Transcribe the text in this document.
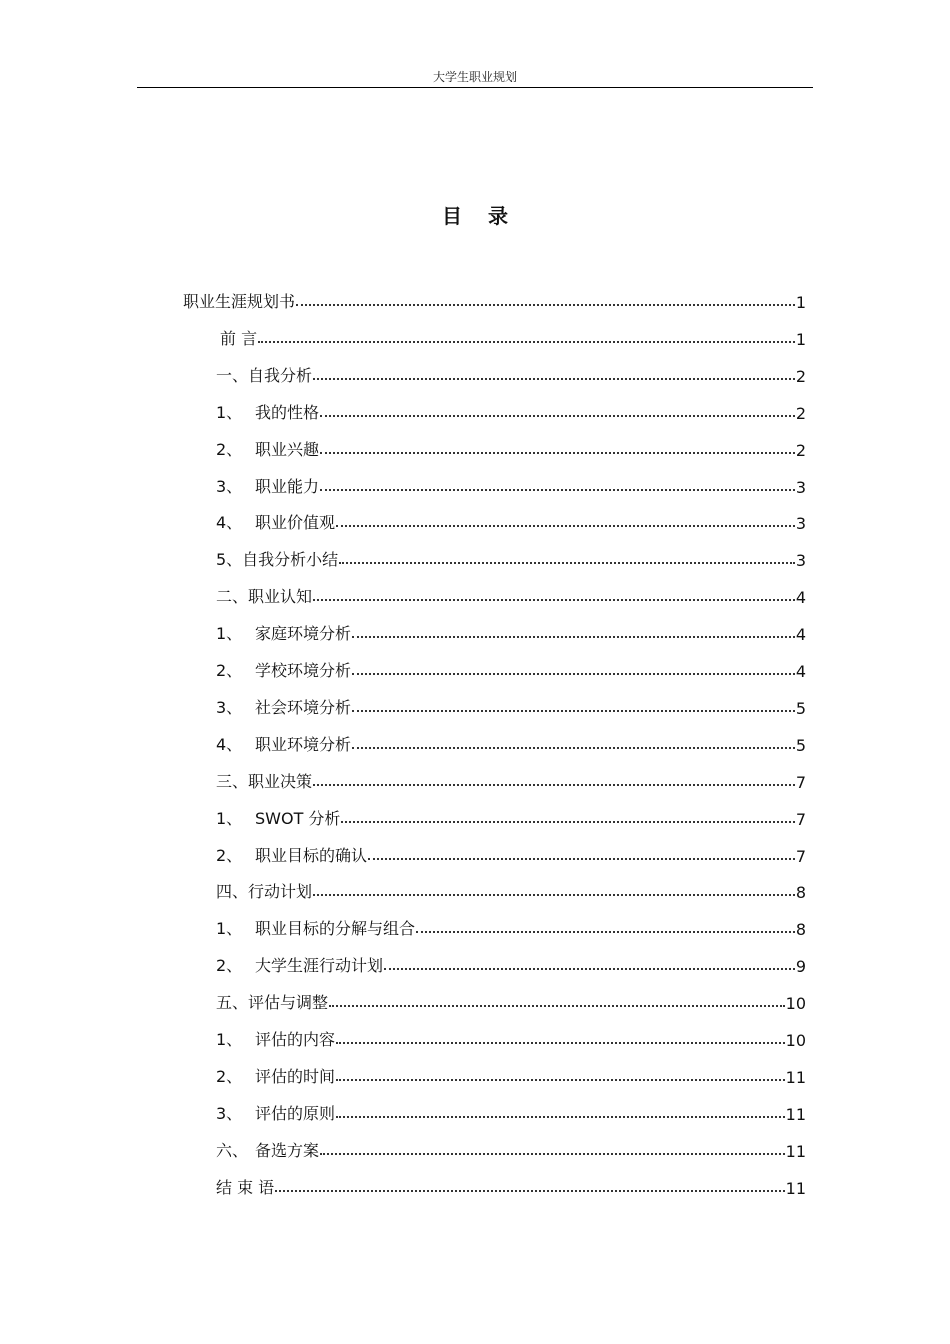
大学生职业规划
目 录
职业生涯规划书	1
前 言	1
一、自我分析	2
1、 我的性格	2
2、 职业兴趣	2
3、 职业能力	3
4、 职业价值观	3
5、自我分析小结	3
二、职业认知	4
1、 家庭环境分析	4
2、 学校环境分析	4
3、 社会环境分析	5
4、 职业环境分析	5
三、职业决策	7
1、 SWOT 分析	7
2、 职业目标的确认	7
四、行动计划	8
1、 职业目标的分解与组合	8
2、 大学生涯行动计划	9
五、评估与调整	10
1、 评估的内容	10
2、 评估的时间	11
3、 评估的原则	11
六、 备选方案	11
结 束 语	11
